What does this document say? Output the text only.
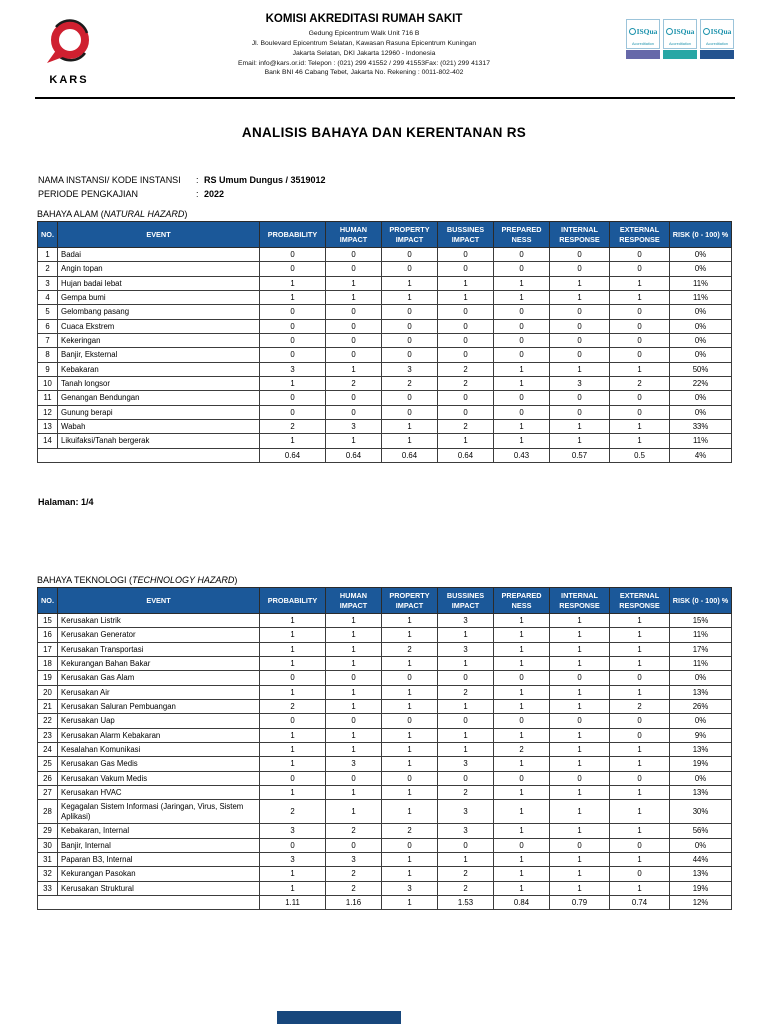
KARS
KOMISI AKREDITASI RUMAH SAKIT
Gedung Epicentrum Walk Unit 716 B
Jl. Boulevard Epicentrum Selatan, Kawasan Rasuna Epicentrum Kuningan
Jakarta Selatan, DKI Jakarta 12960 - Indonesia
Email: info@kars.or.id: Telepon : (021) 299 41552 / 299 41553Fax: (021) 299 41317
Bank BNI 46 Cabang Tebet, Jakarta No. Rekening : 0011-802-402
ISQua
Accreditation
ISQua
Accreditation
ISQua
Accreditation
ANALISIS BAHAYA DAN KERENTANAN RS
NAMA INSTANSI/ KODE INSTANSI : RS Umum Dungus / 3519012
PERIODE PENGKAJIAN	: 2022
BAHAYA ALAM (NATURAL HAZARD)
NO.	EVENT	PROBABILITY	HUMAN IMPACT	PROPERTY IMPACT	BUSSINES IMPACT	PREPARED NESS	INTERNAL RESPONSE	EXTERNAL RESPONSE	RISK (0 - 100) %
1	Badai	0	0	0	0	0	0	0	0%
2	Angin topan	0	0	0	0	0	0	0	0%
3	Hujan badai lebat	1	1	1	1	1	1	1	11%
4	Gempa bumi	1	1	1	1	1	1	1	11%
5	Gelombang pasang	0	0	0	0	0	0	0	0%
6	Cuaca Ekstrem	0	0	0	0	0	0	0	0%
7	Kekeringan	0	0	0	0	0	0	0	0%
8	Banjir, Eksternal	0	0	0	0	0	0	0	0%
9	Kebakaran	3	1	3	2	1	1	1	50%
10	Tanah longsor	1	2	2	2	1	3	2	22%
11	Genangan Bendungan	0	0	0	0	0	0	0	0%
12	Gunung berapi	0	0	0	0	0	0	0	0%
13	Wabah	2	3	1	2	1	1	1	33%
14	Likuifaksi/Tanah bergerak	1	1	1	1	1	1	1	11%
		0.64	0.64	0.64	0.64	0.43	0.57	0.5	4%
Halaman: 1/4
BAHAYA TEKNOLOGI (TECHNOLOGY HAZARD)
NO.	EVENT	PROBABILITY	HUMAN IMPACT	PROPERTY IMPACT	BUSSINES IMPACT	PREPARED NESS	INTERNAL RESPONSE	EXTERNAL RESPONSE	RISK (0 - 100) %
15	Kerusakan Listrik	1	1	1	3	1	1	1	15%
16	Kerusakan Generator	1	1	1	1	1	1	1	11%
17	Kerusakan Transportasi	1	1	2	3	1	1	1	17%
18	Kekurangan Bahan Bakar	1	1	1	1	1	1	1	11%
19	Kerusakan Gas Alam	0	0	0	0	0	0	0	0%
20	Kerusakan Air	1	1	1	2	1	1	1	13%
21	Kerusakan Saluran Pembuangan	2	1	1	1	1	1	2	26%
22	Kerusakan Uap	0	0	0	0	0	0	0	0%
23	Kerusakan Alarm Kebakaran	1	1	1	1	1	1	0	9%
24	Kesalahan Komunikasi	1	1	1	1	2	1	1	13%
25	Kerusakan Gas Medis	1	3	1	3	1	1	1	19%
26	Kerusakan Vakum Medis	0	0	0	0	0	0	0	0%
27	Kerusakan HVAC	1	1	1	2	1	1	1	13%
28	Kegagalan Sistem Informasi (Jaringan, Virus, Sistem Aplikasi)	2	1	1	3	1	1	1	30%
29	Kebakaran, Internal	3	2	2	3	1	1	1	56%
30	Banjir, Internal	0	0	0	0	0	0	0	0%
31	Paparan B3, Internal	3	3	1	1	1	1	1	44%
32	Kekurangan Pasokan	1	2	1	2	1	1	0	13%
33	Kerusakan Struktural	1	2	3	2	1	1	1	19%
		1.11	1.16	1	1.53	0.84	0.79	0.74	12%
